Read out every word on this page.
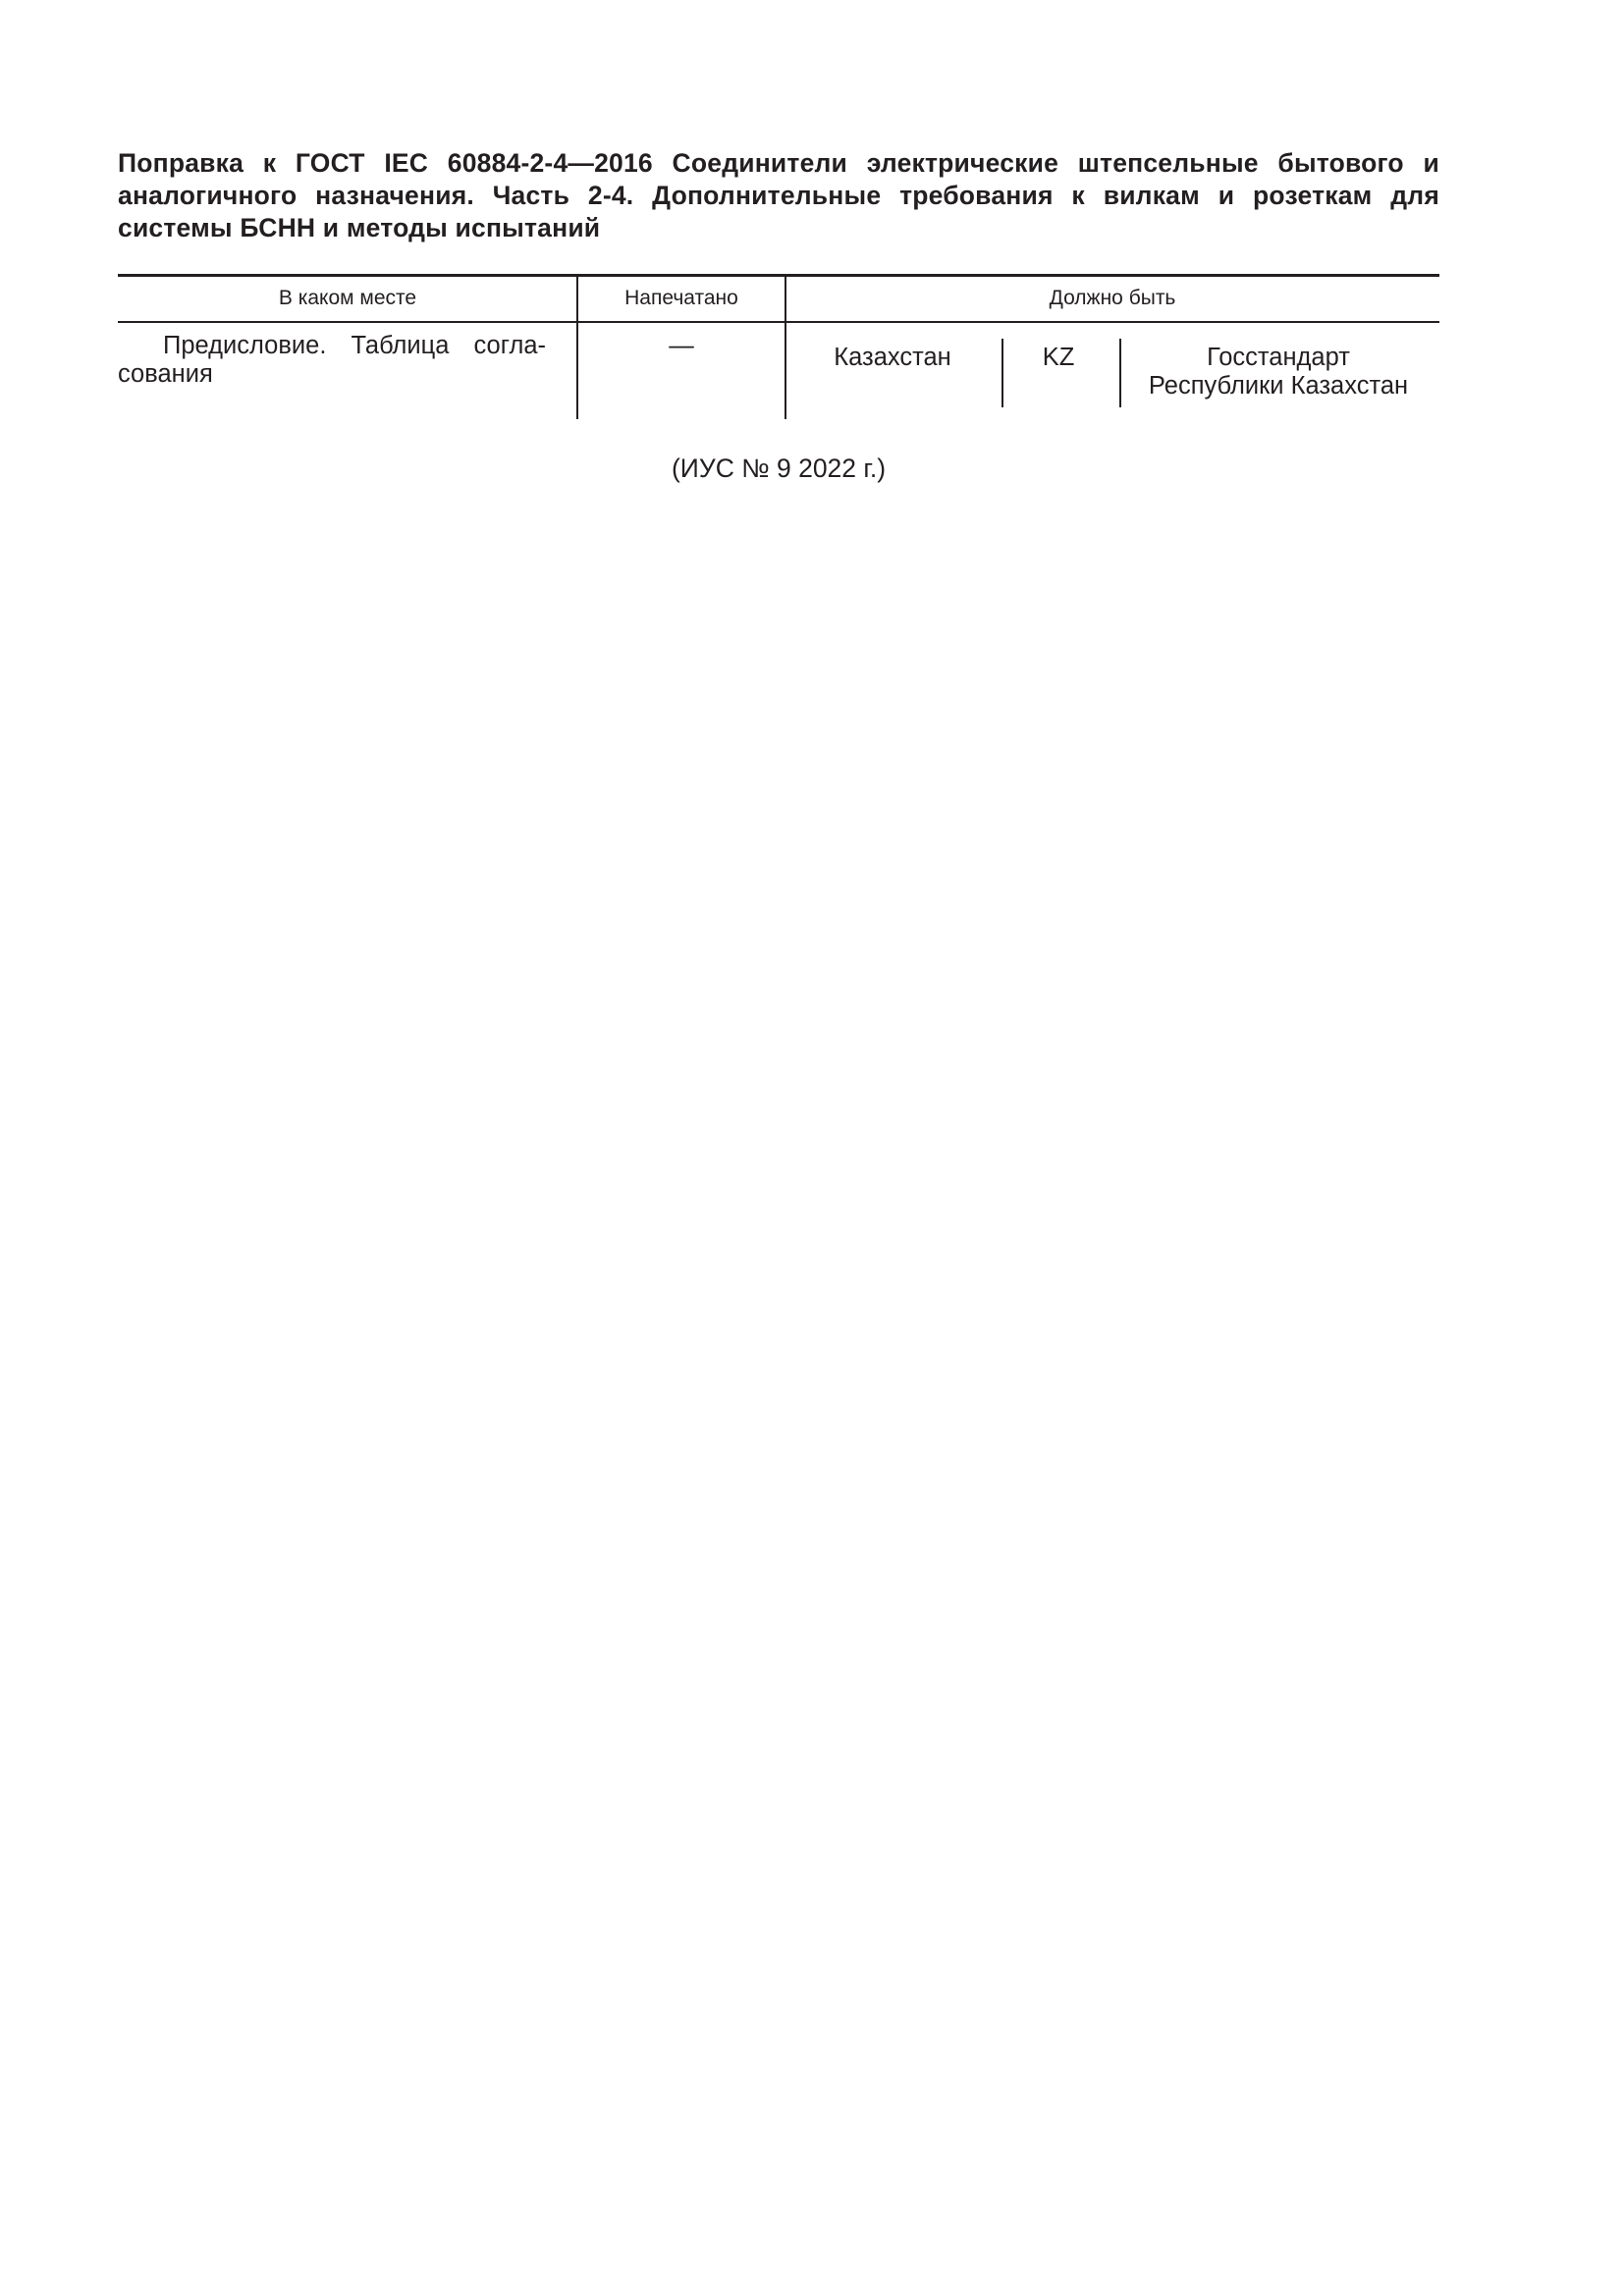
Поправка к ГОСТ IEC 60884-2-4—2016 Соединители электрические штепсельные бытового и
аналогичного назначения. Часть 2-4. Дополнительные требования к вилкам и розеткам для
системы БСНН и методы испытаний
В каком месте	Напечатано	Должно быть
Предисловие. Таблица согла-
сования
—	Казахстан	KZ	Госстандарт
Республики Казахстан
(ИУС № 9 2022 г.)
